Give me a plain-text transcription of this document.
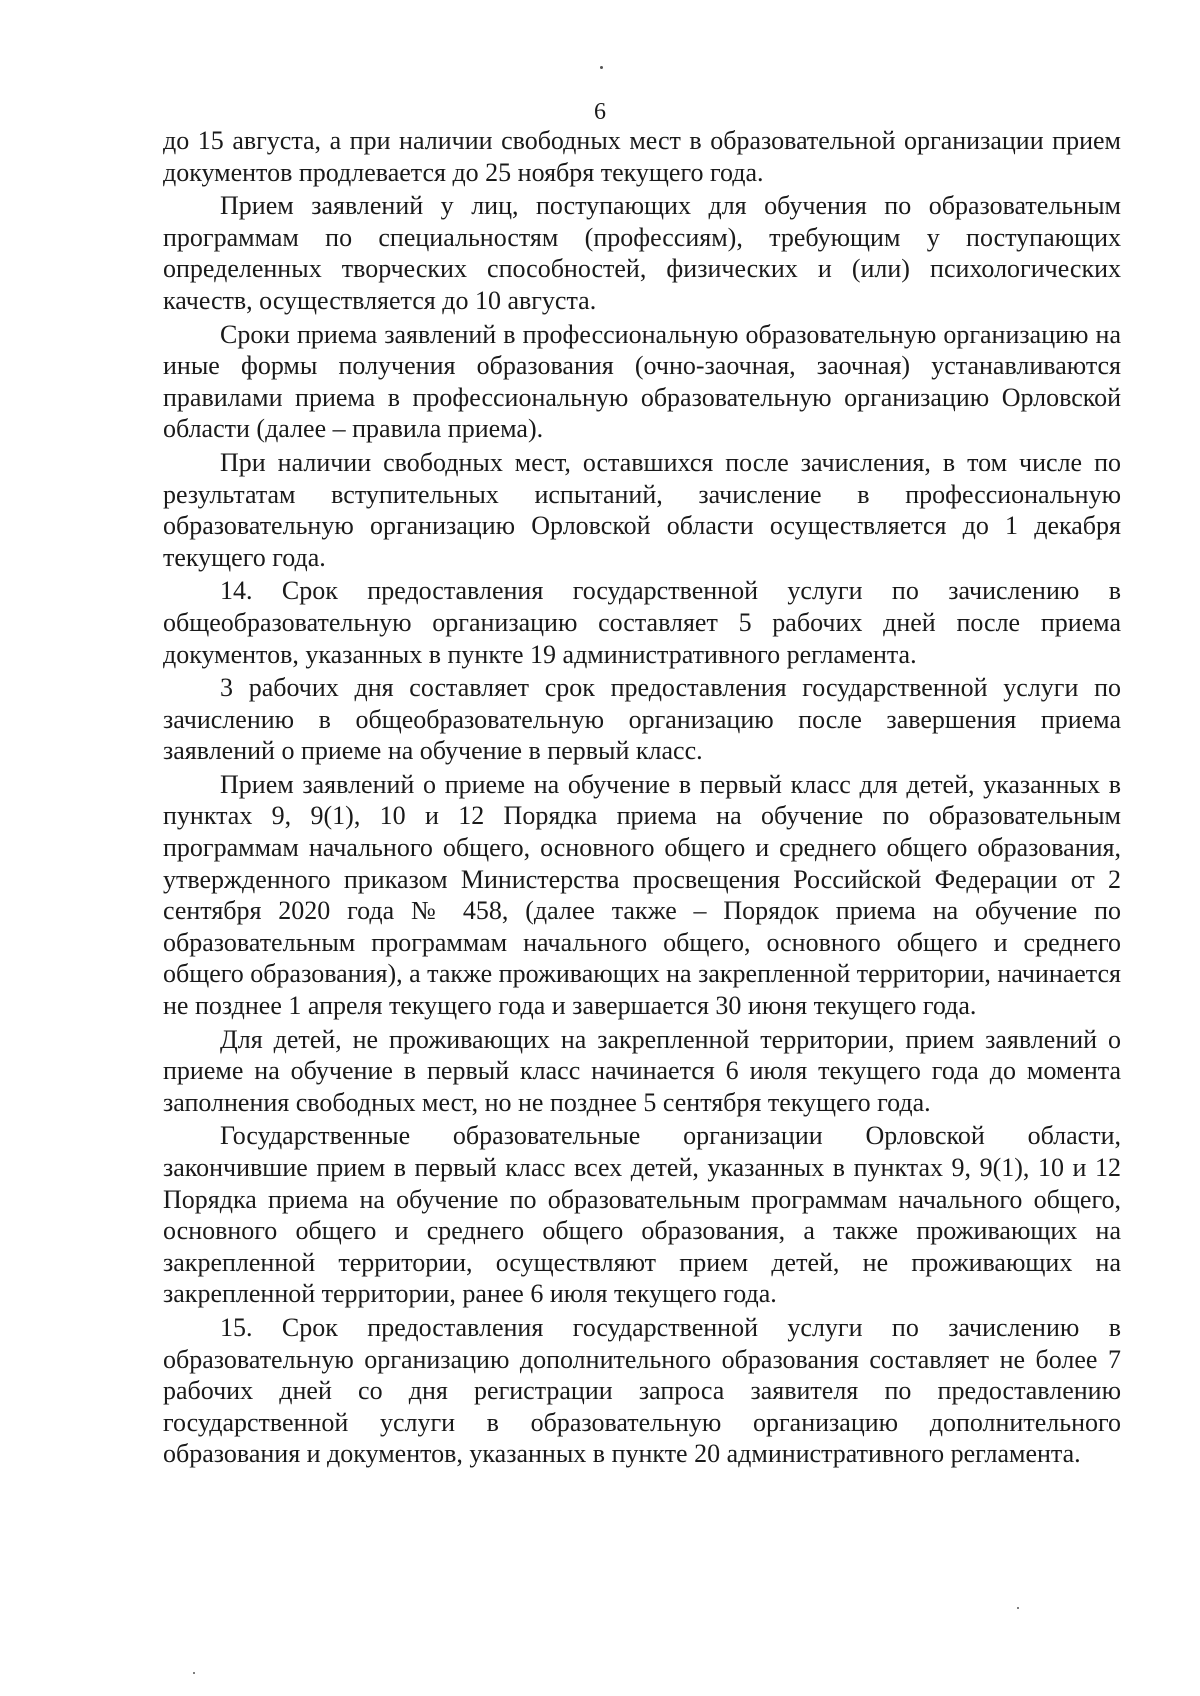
6

до 15 августа, а при наличии свободных мест в образовательной организации прием документов продлевается до 25 ноября текущего года.

Прием заявлений у лиц, поступающих для обучения по образовательным программам по специальностям (профессиям), требующим у поступающих определенных творческих способностей, физических и (или) психологических качеств, осуществляется до 10 августа.

Сроки приема заявлений в профессиональную образовательную организацию на иные формы получения образования (очно-заочная, заочная) устанавливаются правилами приема в профессиональную образовательную организацию Орловской области (далее – правила приема).

При наличии свободных мест, оставшихся после зачисления, в том числе по результатам вступительных испытаний, зачисление в профессиональную образовательную организацию Орловской области осуществляется до 1 декабря текущего года.

14. Срок предоставления государственной услуги по зачислению в общеобразовательную организацию составляет 5 рабочих дней после приема документов, указанных в пункте 19 административного регламента.

3 рабочих дня составляет срок предоставления государственной услуги по зачислению в общеобразовательную организацию после завершения приема заявлений о приеме на обучение в первый класс.

Прием заявлений о приеме на обучение в первый класс для детей, указанных в пунктах 9, 9(1), 10 и 12 Порядка приема на обучение по образовательным программам начального общего, основного общего и среднего общего образования, утвержденного приказом Министерства просвещения Российской Федерации от 2 сентября 2020 года № 458, (далее также – Порядок приема на обучение по образовательным программам начального общего, основного общего и среднего общего образования), а также проживающих на закрепленной территории, начинается не позднее 1 апреля текущего года и завершается 30 июня текущего года.

Для детей, не проживающих на закрепленной территории, прием заявлений о приеме на обучение в первый класс начинается 6 июля текущего года до момента заполнения свободных мест, но не позднее 5 сентября текущего года.

Государственные образовательные организации Орловской области, закончившие прием в первый класс всех детей, указанных в пунктах 9, 9(1), 10 и 12 Порядка приема на обучение по образовательным программам начального общего, основного общего и среднего общего образования, а также проживающих на закрепленной территории, осуществляют прием детей, не проживающих на закрепленной территории, ранее 6 июля текущего года.

15. Срок предоставления государственной услуги по зачислению в образовательную организацию дополнительного образования составляет не более 7 рабочих дней со дня регистрации запроса заявителя по предоставлению государственной услуги в образовательную организацию дополнительного образования и документов, указанных в пункте 20 административного регламента.
